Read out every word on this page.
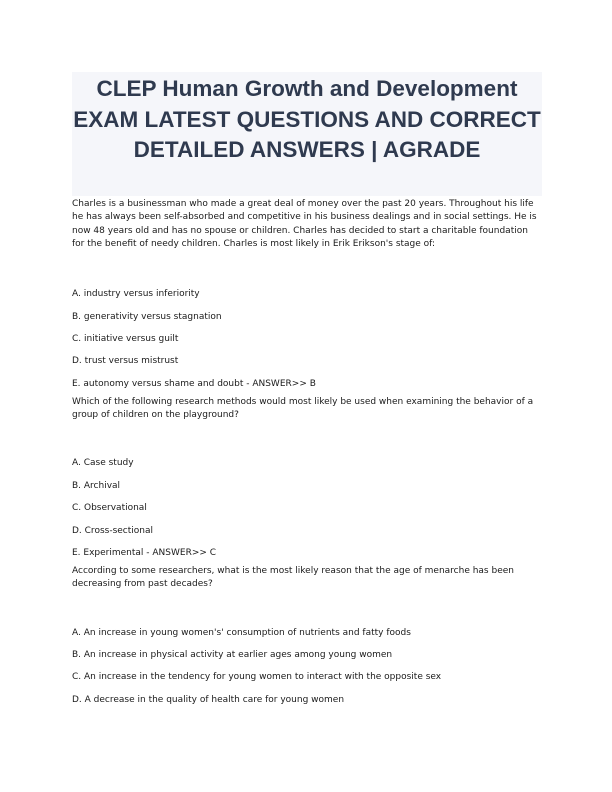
CLEP Human Growth and Development EXAM LATEST QUESTIONS AND CORRECT DETAILED ANSWERS | AGRADE

Charles is a businessman who made a great deal of money over the past 20 years. Throughout his life he has always been self-absorbed and competitive in his business dealings and in social settings. He is now 48 years old and has no spouse or children. Charles has decided to start a charitable foundation for the benefit of needy children. Charles is most likely in Erik Erikson's stage of:

A. industry versus inferiority
B. generativity versus stagnation
C. initiative versus guilt
D. trust versus mistrust
E. autonomy versus shame and doubt - ANSWER>> B

Which of the following research methods would most likely be used when examining the behavior of a group of children on the playground?

A. Case study
B. Archival
C. Observational
D. Cross-sectional
E. Experimental - ANSWER>> C

According to some researchers, what is the most likely reason that the age of menarche has been decreasing from past decades?

A. An increase in young women's' consumption of nutrients and fatty foods
B. An increase in physical activity at earlier ages among young women
C. An increase in the tendency for young women to interact with the opposite sex
D. A decrease in the quality of health care for young women
